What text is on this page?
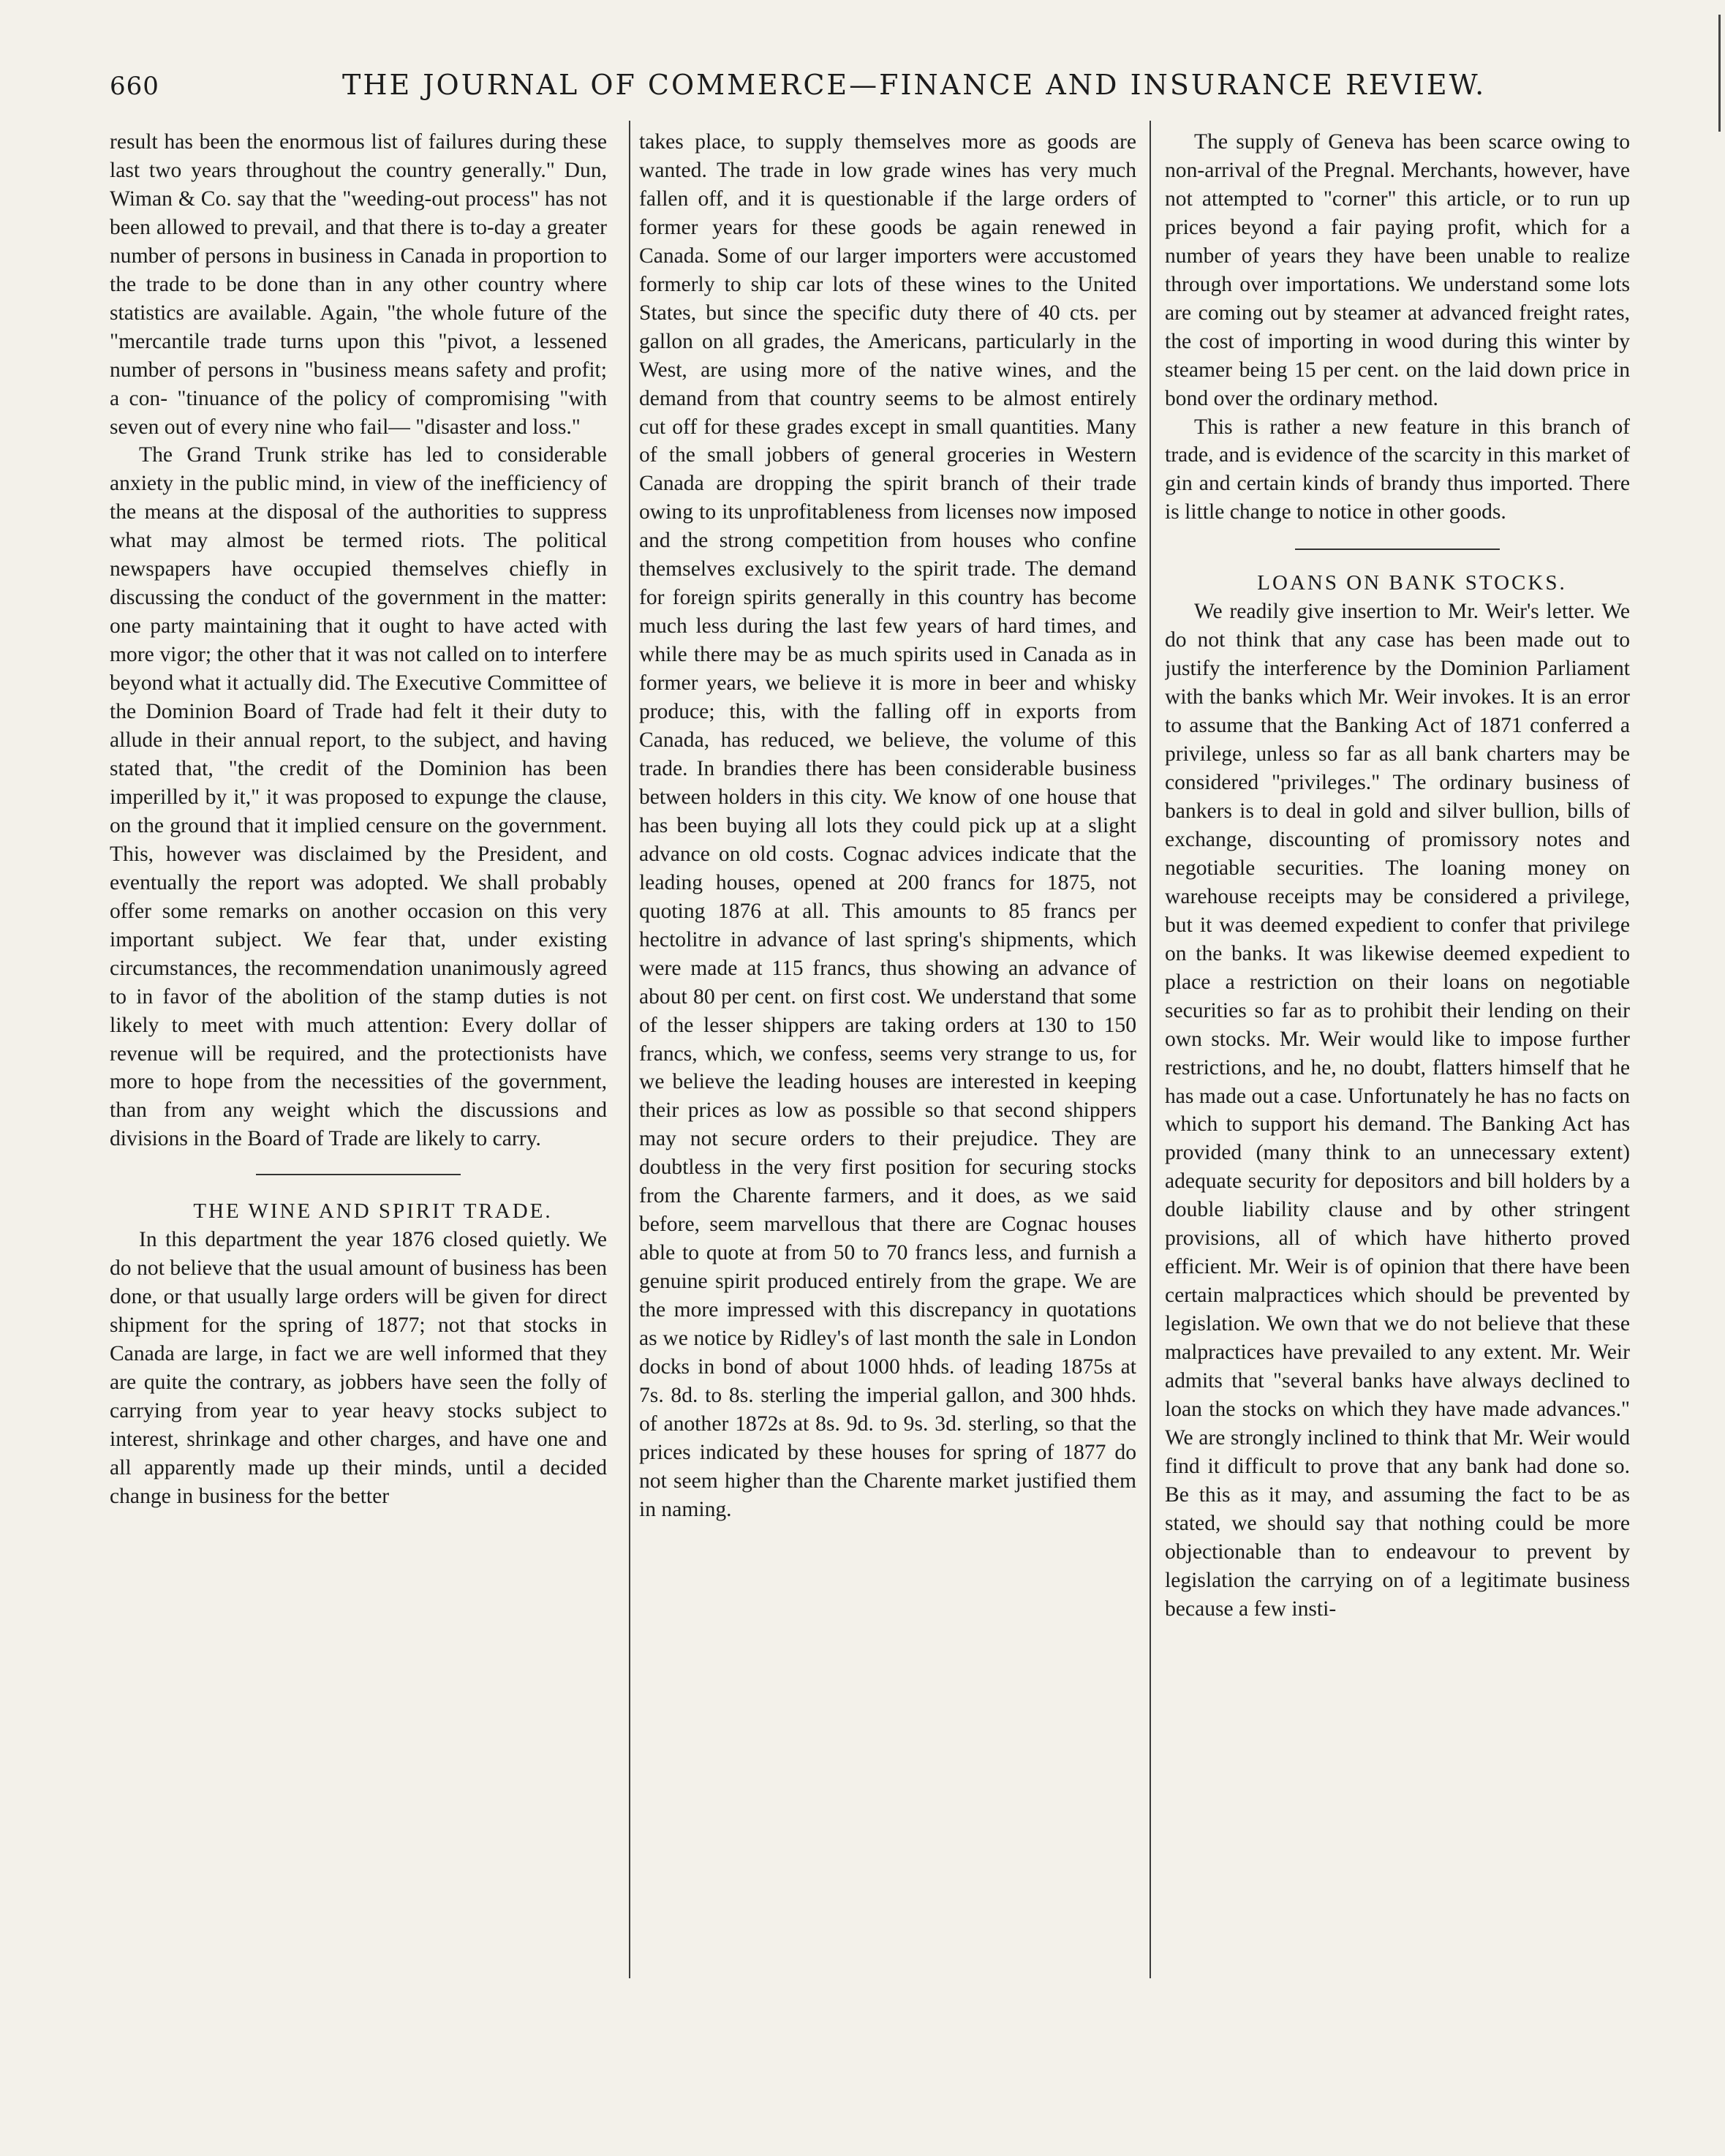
660	THE JOURNAL OF COMMERCE—FINANCE AND INSURANCE REVIEW.

result has been the enormous list of failures during these last two years throughout the country generally." Dun, Wiman & Co. say that the "weeding-out process" has not been allowed to prevail, and that there is to-day a greater number of persons in business in Canada in proportion to the trade to be done than in any other country where statistics are available. Again, "the whole future of the "mercantile trade turns upon this "pivot, a lessened number of persons in "business means safety and profit; a con- "tinuance of the policy of compromising "with seven out of every nine who fail— "disaster and loss."

The Grand Trunk strike has led to considerable anxiety in the public mind, in view of the inefficiency of the means at the disposal of the authorities to suppress what may almost be termed riots. The political newspapers have occupied themselves chiefly in discussing the conduct of the government in the matter: one party maintaining that it ought to have acted with more vigor; the other that it was not called on to interfere beyond what it actually did. The Executive Committee of the Dominion Board of Trade had felt it their duty to allude in their annual report, to the subject, and having stated that, "the credit of the Dominion has been imperilled by it," it was proposed to expunge the clause, on the ground that it implied censure on the government. This, however was disclaimed by the President, and eventually the report was adopted. We shall probably offer some remarks on another occasion on this very important subject. We fear that, under existing circumstances, the recommendation unanimously agreed to in favor of the abolition of the stamp duties is not likely to meet with much attention: Every dollar of revenue will be required, and the protectionists have more to hope from the necessities of the government, than from any weight which the discussions and divisions in the Board of Trade are likely to carry.

THE WINE AND SPIRIT TRADE.

In this department the year 1876 closed quietly. We do not believe that the usual amount of business has been done, or that usually large orders will be given for direct shipment for the spring of 1877; not that stocks in Canada are large, in fact we are well informed that they are quite the contrary, as jobbers have seen the folly of carrying from year to year heavy stocks subject to interest, shrinkage and other charges, and have one and all apparently made up their minds, until a decided change in business for the better

takes place, to supply themselves more as goods are wanted. The trade in low grade wines has very much fallen off, and it is questionable if the large orders of former years for these goods be again renewed in Canada. Some of our larger importers were accustomed formerly to ship car lots of these wines to the United States, but since the specific duty there of 40 cts. per gallon on all grades, the Americans, particularly in the West, are using more of the native wines, and the demand from that country seems to be almost entirely cut off for these grades except in small quantities. Many of the small jobbers of general groceries in Western Canada are dropping the spirit branch of their trade owing to its unprofitableness from licenses now imposed and the strong competition from houses who confine themselves exclusively to the spirit trade. The demand for foreign spirits generally in this country has become much less during the last few years of hard times, and while there may be as much spirits used in Canada as in former years, we believe it is more in beer and whisky produce; this, with the falling off in exports from Canada, has reduced, we believe, the volume of this trade. In brandies there has been considerable business between holders in this city. We know of one house that has been buying all lots they could pick up at a slight advance on old costs. Cognac advices indicate that the leading houses, opened at 200 francs for 1875, not quoting 1876 at all. This amounts to 85 francs per hectolitre in advance of last spring's shipments, which were made at 115 francs, thus showing an advance of about 80 per cent. on first cost. We understand that some of the lesser shippers are taking orders at 130 to 150 francs, which, we confess, seems very strange to us, for we believe the leading houses are interested in keeping their prices as low as possible so that second shippers may not secure orders to their prejudice. They are doubtless in the very first position for securing stocks from the Charente farmers, and it does, as we said before, seem marvellous that there are Cognac houses able to quote at from 50 to 70 francs less, and furnish a genuine spirit produced entirely from the grape. We are the more impressed with this discrepancy in quotations as we notice by Ridley's of last month the sale in London docks in bond of about 1000 hhds. of leading 1875s at 7s. 8d. to 8s. sterling the imperial gallon, and 300 hhds. of another 1872s at 8s. 9d. to 9s. 3d. sterling, so that the prices indicated by these houses for spring of 1877 do not seem higher than the Charente market justified them in naming.

The supply of Geneva has been scarce owing to non-arrival of the Pregnal. Merchants, however, have not attempted to "corner" this article, or to run up prices beyond a fair paying profit, which for a number of years they have been unable to realize through over importations. We understand some lots are coming out by steamer at advanced freight rates, the cost of importing in wood during this winter by steamer being 15 per cent. on the laid down price in bond over the ordinary method.

This is rather a new feature in this branch of trade, and is evidence of the scarcity in this market of gin and certain kinds of brandy thus imported. There is little change to notice in other goods.

LOANS ON BANK STOCKS.

We readily give insertion to Mr. Weir's letter. We do not think that any case has been made out to justify the interference by the Dominion Parliament with the banks which Mr. Weir invokes. It is an error to assume that the Banking Act of 1871 conferred a privilege, unless so far as all bank charters may be considered "privileges." The ordinary business of bankers is to deal in gold and silver bullion, bills of exchange, discounting of promissory notes and negotiable securities. The loaning money on warehouse receipts may be considered a privilege, but it was deemed expedient to confer that privilege on the banks. It was likewise deemed expedient to place a restriction on their loans on negotiable securities so far as to prohibit their lending on their own stocks. Mr. Weir would like to impose further restrictions, and he, no doubt, flatters himself that he has made out a case. Unfortunately he has no facts on which to support his demand. The Banking Act has provided (many think to an unnecessary extent) adequate security for depositors and bill holders by a double liability clause and by other stringent provisions, all of which have hitherto proved efficient. Mr. Weir is of opinion that there have been certain malpractices which should be prevented by legislation. We own that we do not believe that these malpractices have prevailed to any extent. Mr. Weir admits that "several banks have always declined to loan the stocks on which they have made advances." We are strongly inclined to think that Mr. Weir would find it difficult to prove that any bank had done so. Be this as it may, and assuming the fact to be as stated, we should say that nothing could be more objectionable than to endeavour to prevent by legislation the carrying on of a legitimate business because a few insti-
